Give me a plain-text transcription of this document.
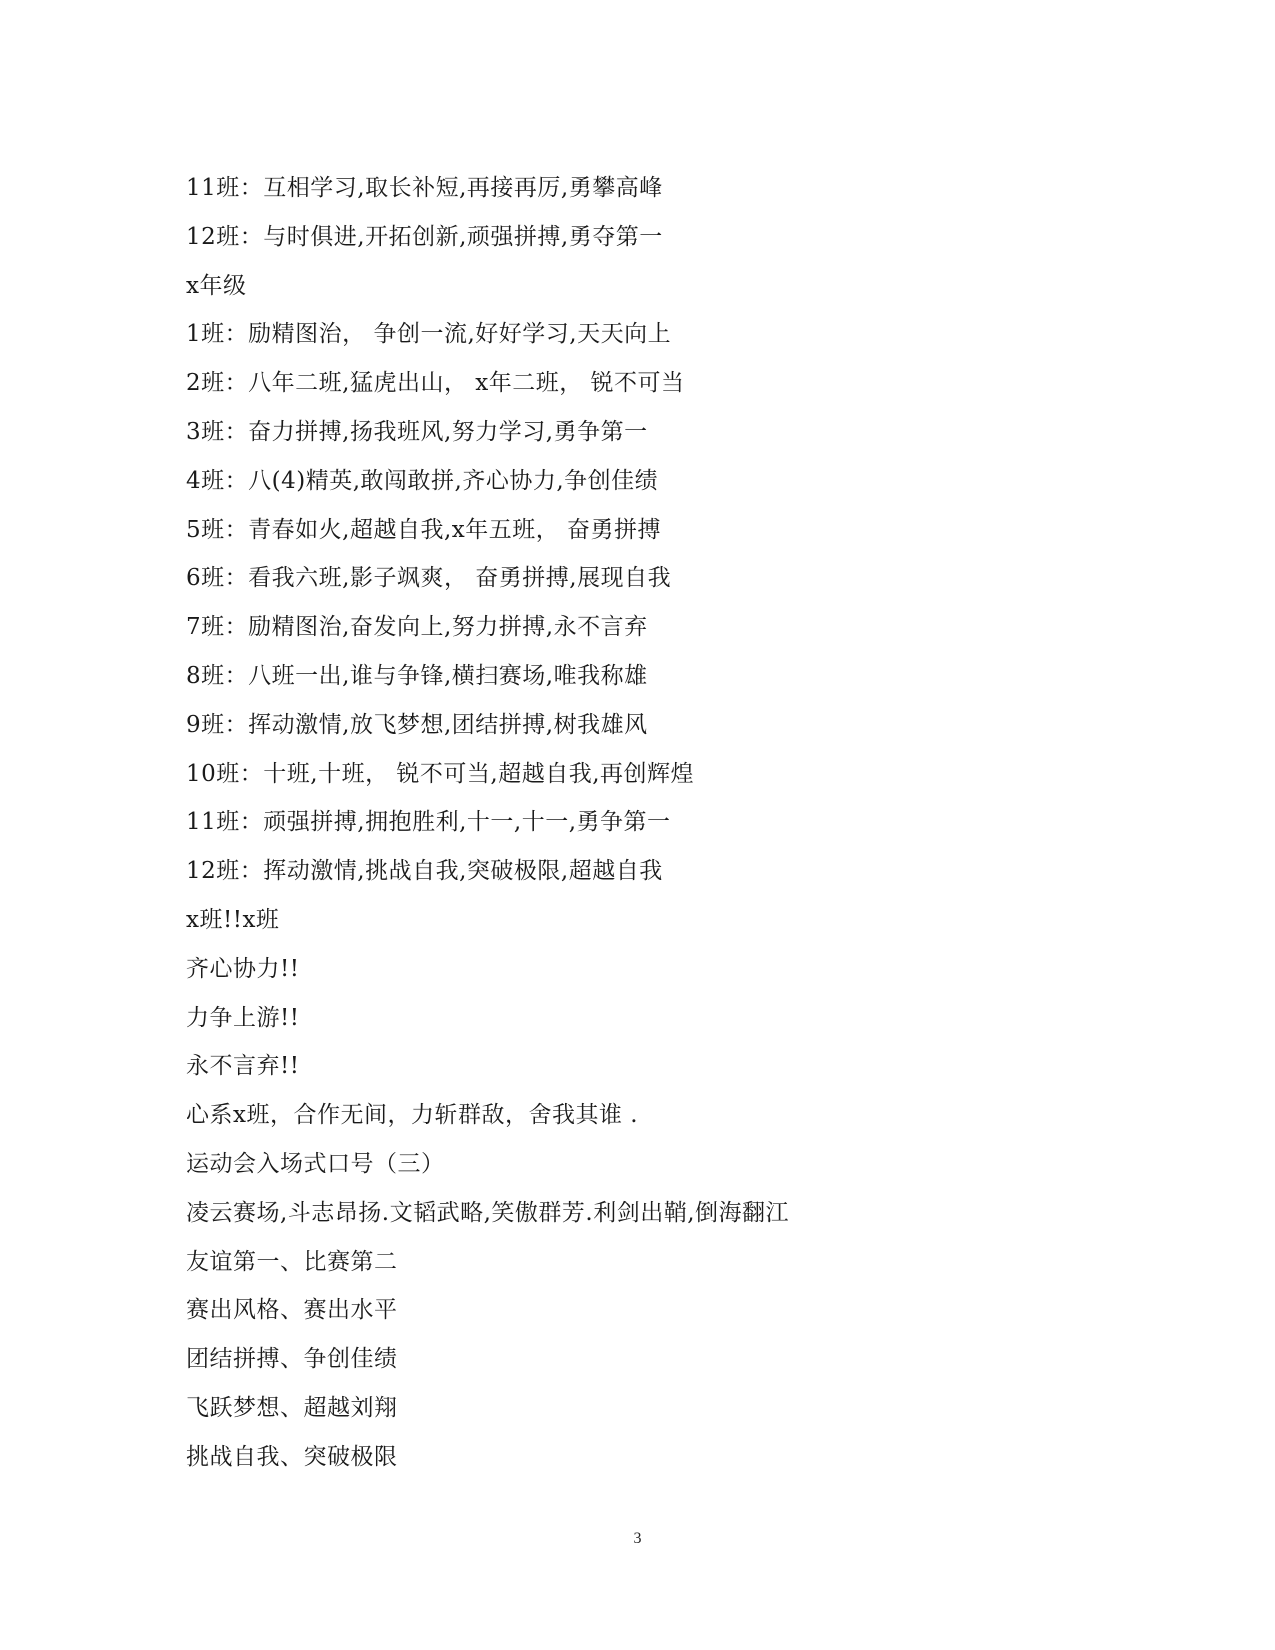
11班：互相学习,取长补短,再接再厉,勇攀高峰
12班：与时俱进,开拓创新,顽强拼搏,勇夺第一
x年级
1班：励精图治， 争创一流,好好学习,天天向上
2班：八年二班,猛虎出山， x年二班， 锐不可当
3班：奋力拼搏,扬我班风,努力学习,勇争第一
4班：八(4)精英,敢闯敢拼,齐心协力,争创佳绩
5班：青春如火,超越自我,x年五班， 奋勇拼搏
6班：看我六班,影子飒爽， 奋勇拼搏,展现自我
7班：励精图治,奋发向上,努力拼搏,永不言弃
8班：八班一出,谁与争锋,横扫赛场,唯我称雄
9班：挥动激情,放飞梦想,团结拼搏,树我雄风
10班：十班,十班， 锐不可当,超越自我,再创辉煌
11班：顽强拼搏,拥抱胜利,十一,十一,勇争第一
12班：挥动激情,挑战自我,突破极限,超越自我
x班!!x班
齐心协力!!
力争上游!!
永不言弃!!
心系x班，合作无间，力斩群敌，舍我其谁 .
运动会入场式口号（三）
凌云赛场,斗志昂扬.文韬武略,笑傲群芳.利剑出鞘,倒海翻江
友谊第一、比赛第二
赛出风格、赛出水平
团结拼搏、争创佳绩
飞跃梦想、超越刘翔
挑战自我、突破极限
3
